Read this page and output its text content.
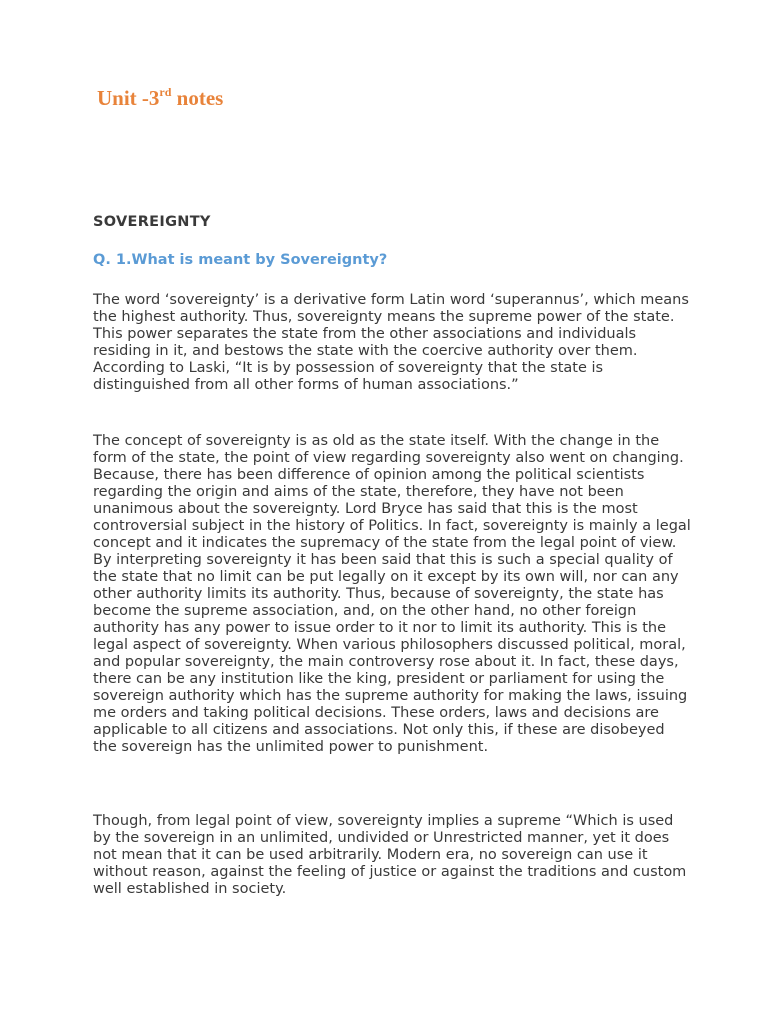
Unit -3rd notes
SOVEREIGNTY
Q. 1.What is meant by Sovereignty?

The word ‘sovereignty’ is a derivative form Latin word ‘superannus’, which means the highest authority. Thus, sovereignty means the supreme power of the state. This power separates the state from the other associations and individuals residing in it, and bestows the state with the coercive authority over them. According to Laski, “It is by possession of sovereignty that the state is distinguished from all other forms of human associations.”

The concept of sovereignty is as old as the state itself. With the change in the form of the state, the point of view regarding sovereignty also went on changing. Because, there has been difference of opinion among the political scientists regarding the origin and aims of the state, therefore, they have not been unanimous about the sovereignty. Lord Bryce has said that this is the most controversial subject in the history of Politics. In fact, sovereignty is mainly a legal concept and it indicates the supremacy of the state from the legal point of view. By interpreting sovereignty it has been said that this is such a special quality of the state that no limit can be put legally on it except by its own will, nor can any other authority limits its authority. Thus, because of sovereignty, the state has become the supreme association, and, on the other hand, no other foreign authority has any power to issue order to it nor to limit its authority. This is the legal aspect of sovereignty. When various philosophers discussed political, moral, and popular sovereignty, the main controversy rose about it. In fact, these days, there can be any institution like the king, president or parliament for using the sovereign authority which has the supreme authority for making the laws, issuing me orders and taking political decisions. These orders, laws and decisions are applicable to all citizens and associations. Not only this, if these are disobeyed the sovereign has the unlimited power to punishment.

Though, from legal point of view, sovereignty implies a supreme “Which is used by the sovereign in an unlimited, undivided or Unrestricted manner, yet it does not mean that it can be used arbitrarily. Modern era, no sovereign can use it without reason, against the feeling of justice or against the traditions and custom well established in society.
